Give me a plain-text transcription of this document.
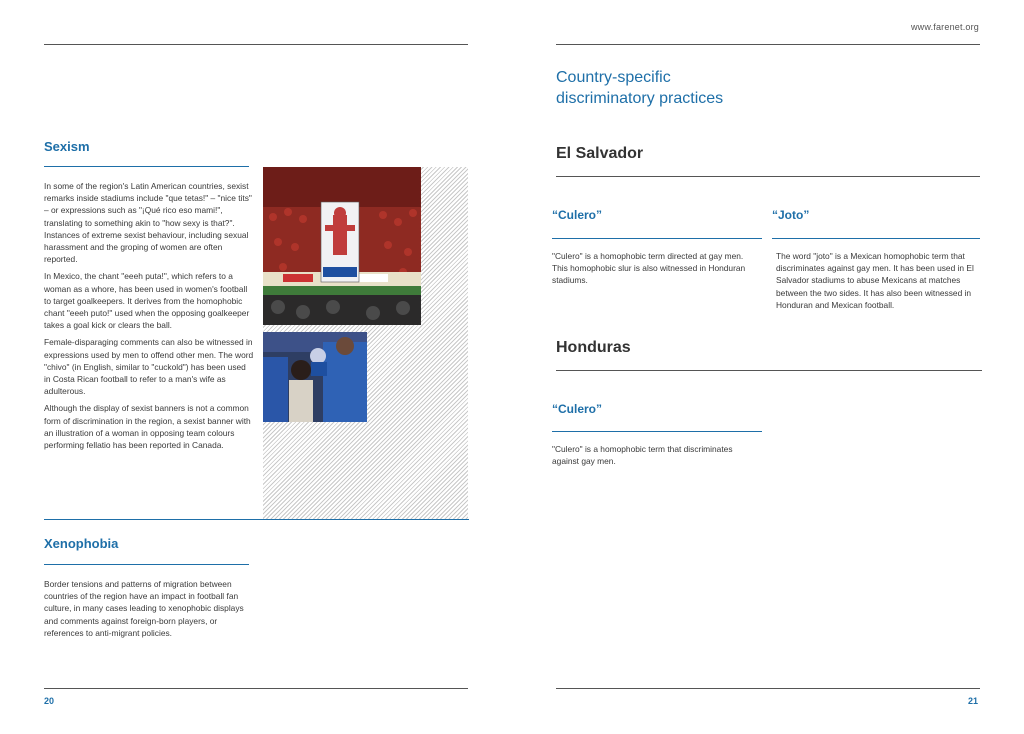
www.farenet.org
Sexism

In some of the region's Latin American countries, sexist remarks inside stadiums include "que tetas!" – "nice tits" – or expressions such as "¡Qué rico eso mami!", translating to something akin to "how sexy is that?". Instances of extreme sexist behaviour, including sexual harassment and the groping of women are often reported.

In Mexico, the chant "eeeh puta!", which refers to a woman as a whore, has been used in women's football to target goalkeepers. It derives from the homophobic chant "eeeh puto!" used when the opposing goalkeeper takes a goal kick or clears the ball.

Female-disparaging comments can also be witnessed in expressions used by men to offend other men. The word "chivo" (in English, similar to "cuckold") has been used in Costa Rican football to refer to a man's wife as adulterous.

Although the display of sexist banners is not a common form of discrimination in the region, a sexist banner with an illustration of a woman in opposing team colours performing fellatio has been reported in Canada.

Xenophobia

Border tensions and patterns of migration between countries of the region have an impact in football fan culture, in many cases leading to xenophobic displays and comments against foreign-born players, or references to anti-migrant policies.

20
Country-specific discriminatory practices
El Salvador
“Culero”
"Culero" is a homophobic term directed at gay men. This homophobic slur is also witnessed in Honduran stadiums.
“Joto”
The word "joto" is a Mexican homophobic term that discriminates against gay men. It has been used in El Salvador stadiums to abuse Mexicans at matches between the two sides. It has also been witnessed in Honduran and Mexican football.
Honduras
“Culero”
"Culero" is a homophobic term that discriminates against gay men.
21
